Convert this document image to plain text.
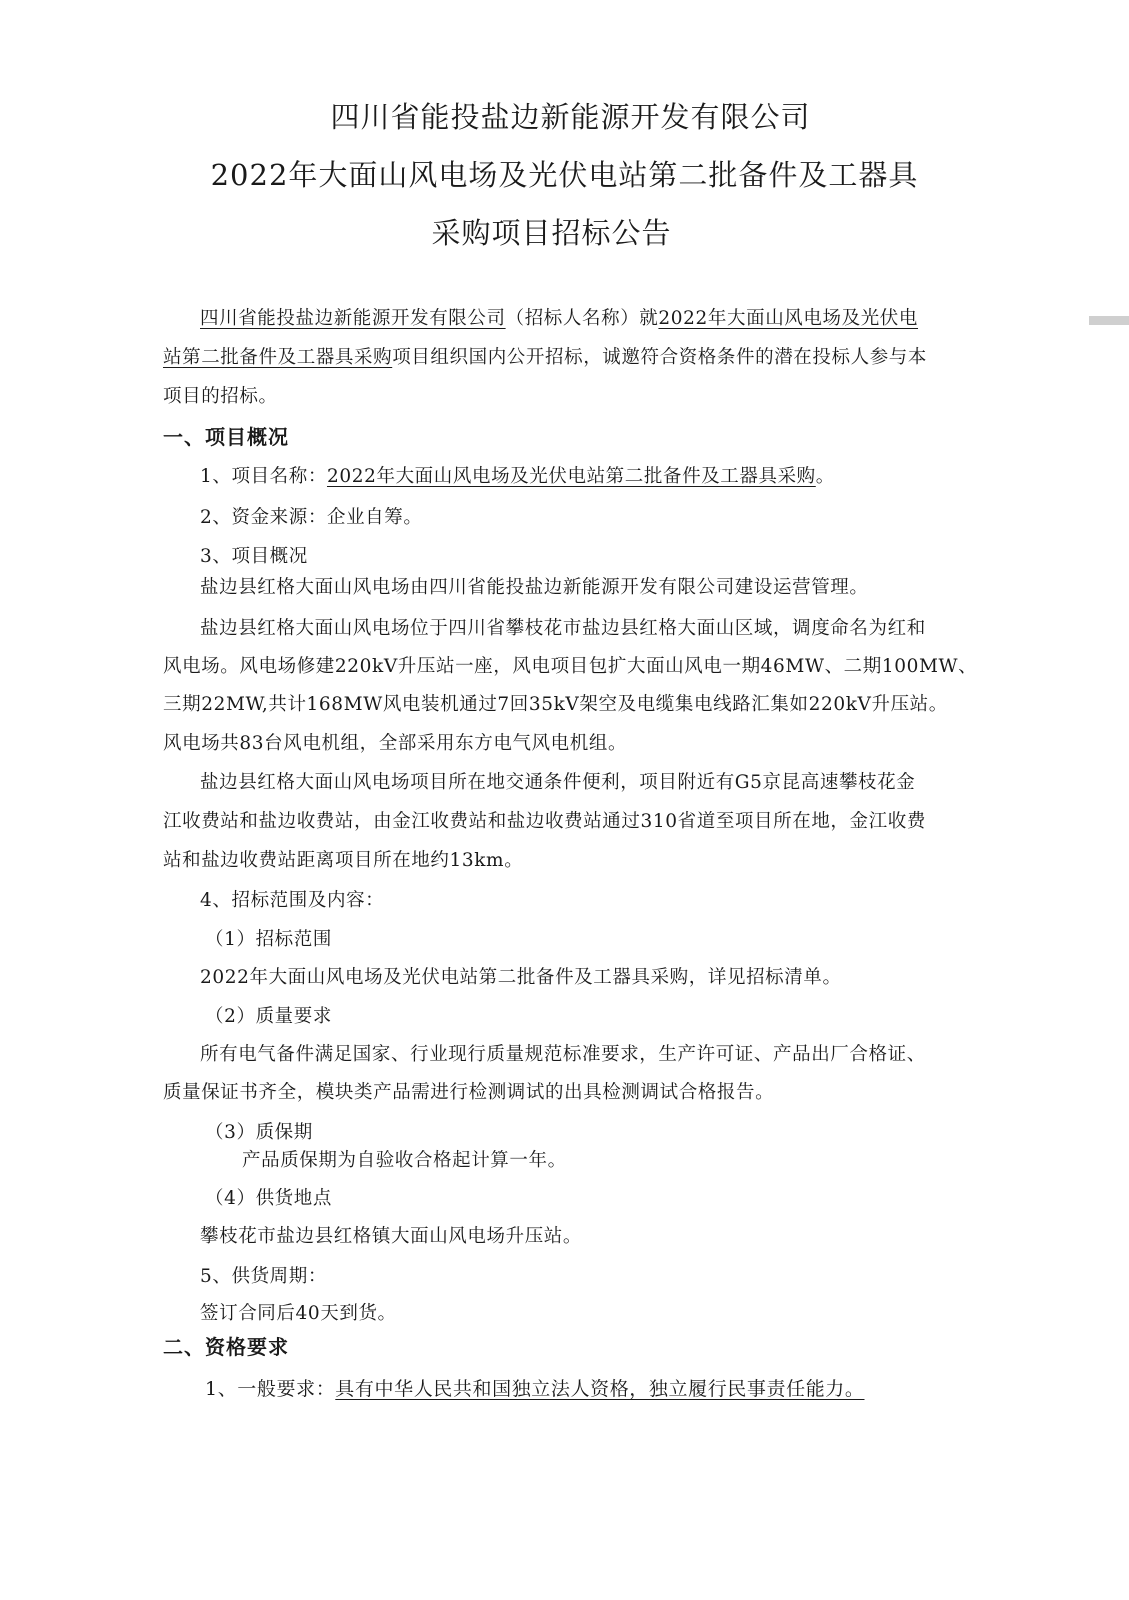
四川省能投盐边新能源开发有限公司
2022年大面山风电场及光伏电站第二批备件及工器具
采购项目招标公告
四川省能投盐边新能源开发有限公司（招标人名称）就2022年大面山风电场及光伏电
站第二批备件及工器具采购项目组织国内公开招标，诚邀符合资格条件的潜在投标人参与本
项目的招标。
一、项目概况
1、项目名称：2022年大面山风电场及光伏电站第二批备件及工器具采购。
2、资金来源：企业自筹。
3、项目概况
盐边县红格大面山风电场由四川省能投盐边新能源开发有限公司建设运营管理。
盐边县红格大面山风电场位于四川省攀枝花市盐边县红格大面山区域，调度命名为红和
风电场。风电场修建220kV升压站一座，风电项目包扩大面山风电一期46MW、二期100MW、
三期22MW,共计168MW风电装机通过7回35kV架空及电缆集电线路汇集如220kV升压站。
风电场共83台风电机组，全部采用东方电气风电机组。
盐边县红格大面山风电场项目所在地交通条件便利，项目附近有G5京昆高速攀枝花金
江收费站和盐边收费站，由金江收费站和盐边收费站通过310省道至项目所在地，金江收费
站和盐边收费站距离项目所在地约13km。
4、招标范围及内容：
（1）招标范围
2022年大面山风电场及光伏电站第二批备件及工器具采购，详见招标清单。
（2）质量要求
所有电气备件满足国家、行业现行质量规范标准要求，生产许可证、产品出厂合格证、
质量保证书齐全，模块类产品需进行检测调试的出具检测调试合格报告。
（3）质保期
产品质保期为自验收合格起计算一年。
（4）供货地点
攀枝花市盐边县红格镇大面山风电场升压站。
5、供货周期：
签订合同后40天到货。
二、资格要求
1、一般要求：具有中华人民共和国独立法人资格，独立履行民事责任能力。
